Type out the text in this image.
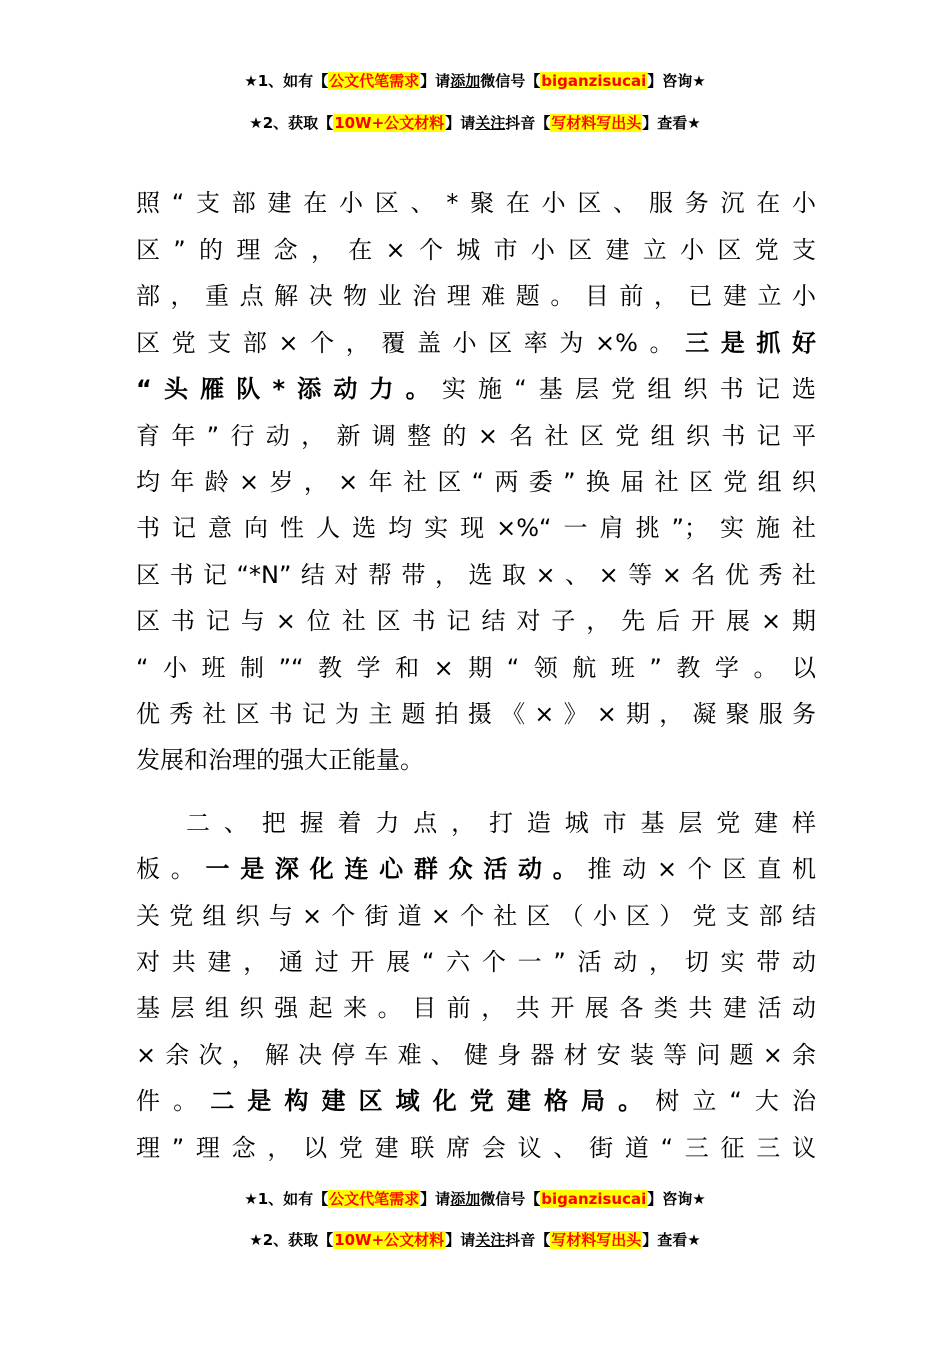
★1、如有【公文代笔需求】请添加微信号【biganzisucai】咨询★
★2、获取【10W+公文材料】请关注抖音【写材料写出头】查看★
照“支部建在小区、*聚在小区、服务沉在小
区”的理念，在×个城市小区建立小区党支
部，重点解决物业治理难题。目前，已建立小
区党支部×个，覆盖小区率为×%。三是抓好
“头雁队*添动力。实施“基层党组织书记选
育年”行动，新调整的×名社区党组织书记平
均年龄×岁，×年社区“两委”换届社区党组织
书记意向性人选均实现×%“一肩挑”；实施社
区书记“*N”结对帮带，选取×、×等×名优秀社
区书记与×位社区书记结对子，先后开展×期
“小班制”“教学和×期“领航班”教学。以
优秀社区书记为主题拍摄《×》×期，凝聚服务
发展和治理的强大正能量。
二、把握着力点，打造城市基层党建样
板。一是深化连心群众活动。推动×个区直机
关党组织与×个街道×个社区（小区）党支部结
对共建，通过开展“六个一”活动，切实带动
基层组织强起来。目前，共开展各类共建活动
×余次，解决停车难、健身器材安装等问题×余
件。二是构建区域化党建格局。树立“大治
理”理念，以党建联席会议、街道“三征三议
★1、如有【公文代笔需求】请添加微信号【biganzisucai】咨询★
★2、获取【10W+公文材料】请关注抖音【写材料写出头】查看★
